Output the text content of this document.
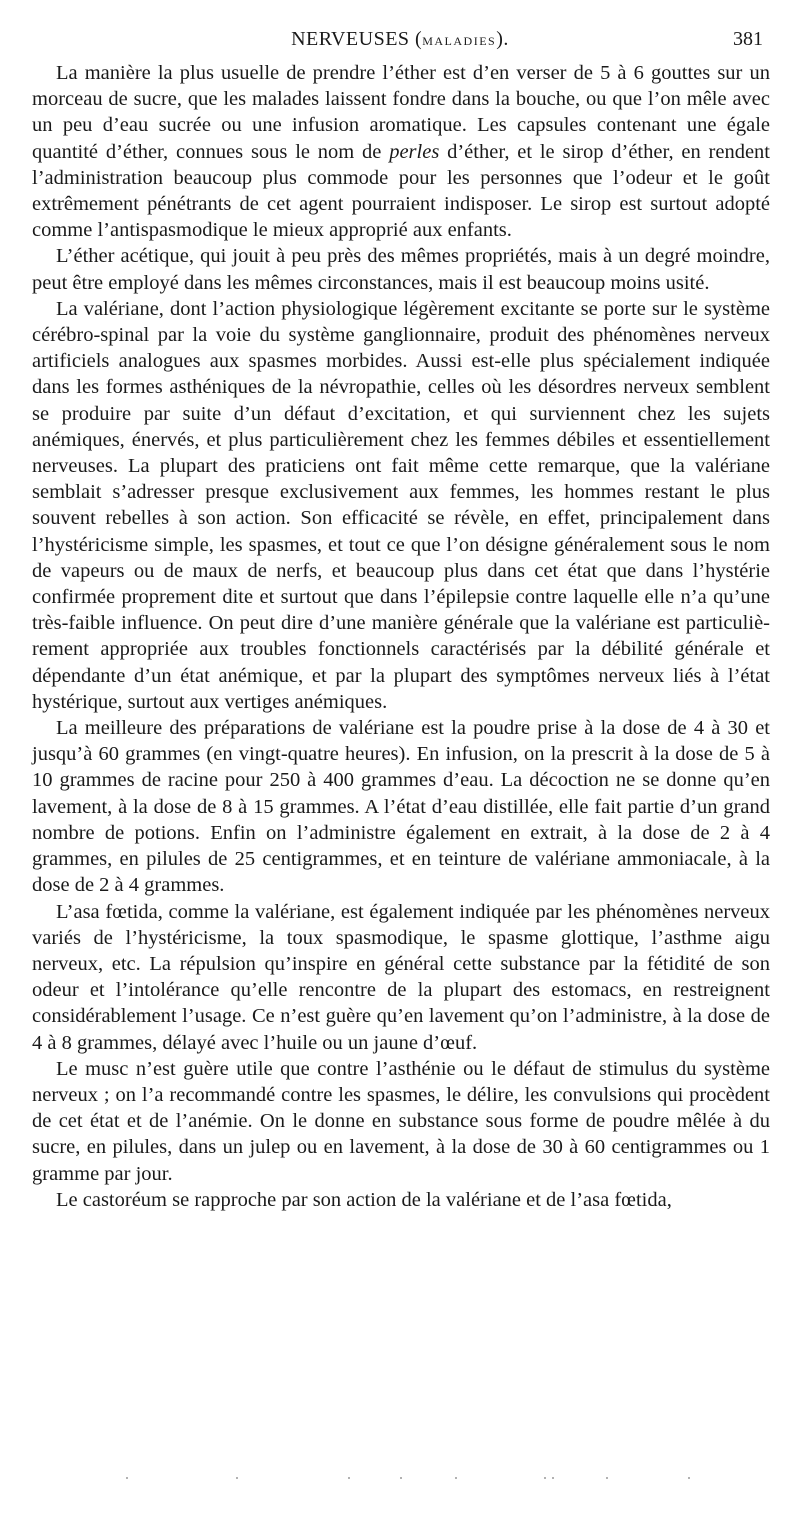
NERVEUSES (MALADIES).	381

La manière la plus usuelle de prendre l’éther est d’en verser de 5 à 6 gouttes sur un morceau de sucre, que les malades laissent fondre dans la bouche, ou que l’on mêle avec un peu d’eau sucrée ou une infusion aromatique. Les capsules contenant une égale quantité d’éther, connues sous le nom de perles d’éther, et le sirop d’éther, en rendent l’administration beaucoup plus commode pour les personnes que l’odeur et le goût extrêmement pénétrants de cet agent pourraient indisposer. Le sirop est surtout adopté comme l’antispasmodique le mieux approprié aux enfants.

L’éther acétique, qui jouit à peu près des mêmes propriétés, mais à un degré moindre, peut être employé dans les mêmes circonstances, mais il est beaucoup moins usité.

La valériane, dont l’action physiologique légèrement excitante se porte sur le système cérébro-spinal par la voie du système ganglionnaire, produit des phénomènes nerveux artificiels analogues aux spasmes morbides. Aussi est-elle plus spécialement indiquée dans les formes asthéniques de la névropathie, celles où les désordres nerveux semblent se produire par suite d’un défaut d’excitation, et qui surviennent chez les sujets anémiques, énervés, et plus particulièrement chez les femmes débiles et essentiellement nerveuses. La plupart des praticiens ont fait même cette remarque, que la valériane semblait s’adresser presque exclusivement aux femmes, les hommes restant le plus souvent rebelles à son action. Son efficacité se révèle, en effet, principalement dans l’hystéricisme simple, les spasmes, et tout ce que l’on désigne généralement sous le nom de vapeurs ou de maux de nerfs, et beaucoup plus dans cet état que dans l’hystérie confirmée proprement dite et surtout que dans l’épilepsie contre laquelle elle n’a qu’une très-faible influence. On peut dire d’une manière générale que la valériane est particulièrement appropriée aux troubles fonctionnels caractérisés par la débilité générale et dépendante d’un état anémique, et par la plupart des symptômes nerveux liés à l’état hystérique, surtout aux vertiges anémiques.

La meilleure des préparations de valériane est la poudre prise à la dose de 4 à 30 et jusqu’à 60 grammes (en vingt-quatre heures). En infusion, on la prescrit à la dose de 5 à 10 grammes de racine pour 250 à 400 grammes d’eau. La décoction ne se donne qu’en lavement, à la dose de 8 à 15 grammes. A l’état d’eau distillée, elle fait partie d’un grand nombre de potions. Enfin on l’administre également en extrait, à la dose de 2 à 4 grammes, en pilules de 25 centigrammes, et en teinture de valériane ammoniacale, à la dose de 2 à 4 grammes.

L’asa fœtida, comme la valériane, est également indiquée par les phénomènes nerveux variés de l’hystéricisme, la toux spasmodique, le spasme glottique, l’asthme aigu nerveux, etc. La répulsion qu’inspire en général cette substance par la fétidité de son odeur et l’intolérance qu’elle rencontre de la plupart des estomacs, en restreignent considérablement l’usage. Ce n’est guère qu’en lavement qu’on l’administre, à la dose de 4 à 8 grammes, délayé avec l’huile ou un jaune d’œuf.

Le musc n’est guère utile que contre l’asthénie ou le défaut de stimulus du système nerveux ; on l’a recommandé contre les spasmes, le délire, les convulsions qui procèdent de cet état et de l’anémie. On le donne en substance sous forme de poudre mêlée à du sucre, en pilules, dans un julep ou en lavement, à la dose de 30 à 60 centigrammes ou 1 gramme par jour.

Le castoréum se rapproche par son action de la valériane et de l’asa fœtida,
